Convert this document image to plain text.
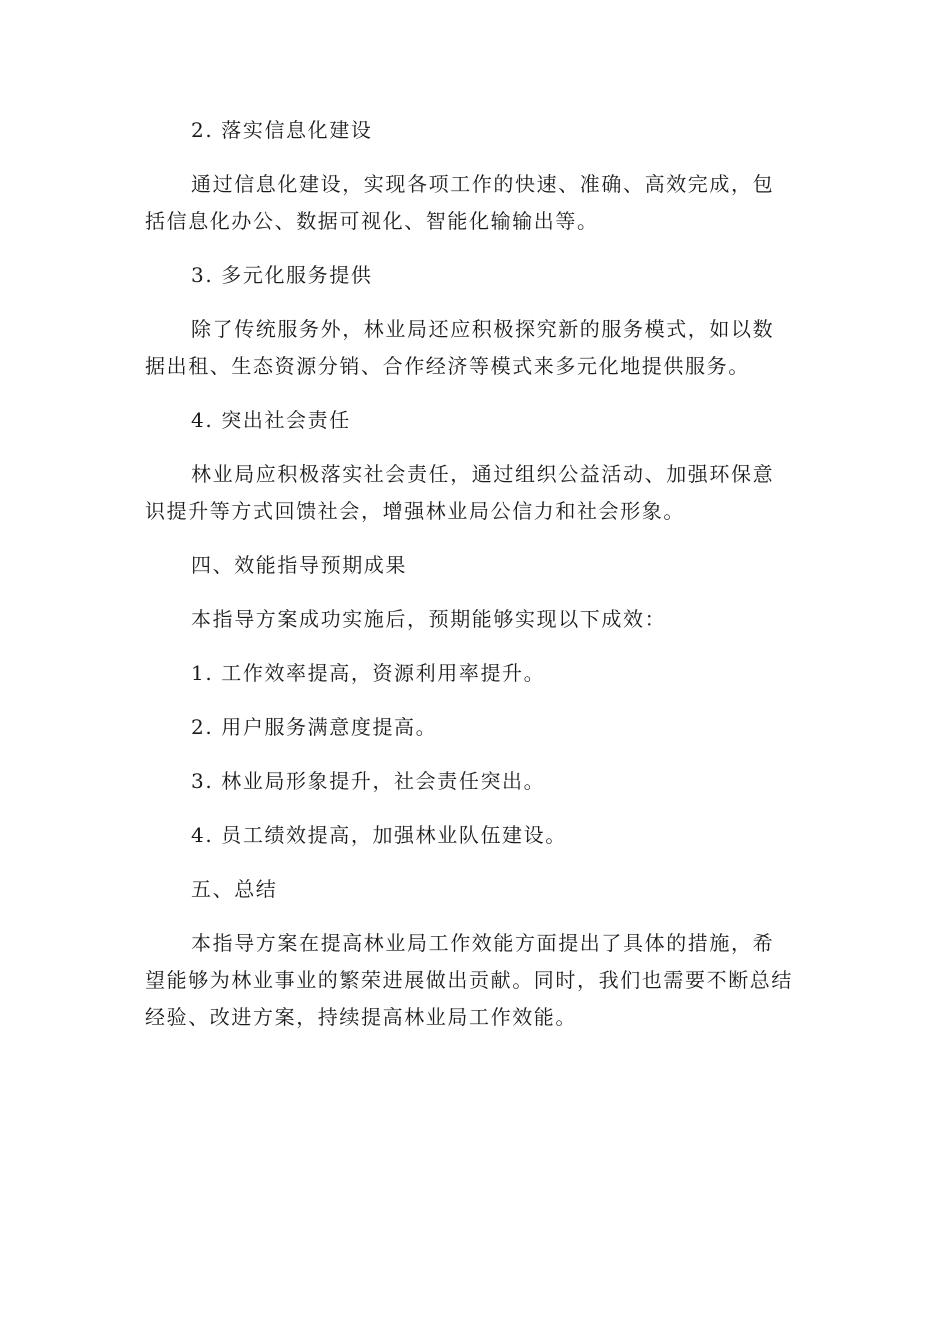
2. 落实信息化建设

通过信息化建设，实现各项工作的快速、准确、高效完成，包括信息化办公、数据可视化、智能化输输出等。

3. 多元化服务提供

除了传统服务外，林业局还应积极探究新的服务模式，如以数据出租、生态资源分销、合作经济等模式来多元化地提供服务。

4. 突出社会责任

林业局应积极落实社会责任，通过组织公益活动、加强环保意识提升等方式回馈社会，增强林业局公信力和社会形象。

四、效能指导预期成果

本指导方案成功实施后，预期能够实现以下成效：

1. 工作效率提高，资源利用率提升。

2. 用户服务满意度提高。

3. 林业局形象提升，社会责任突出。

4. 员工绩效提高，加强林业队伍建设。

五、总结

本指导方案在提高林业局工作效能方面提出了具体的措施，希望能够为林业事业的繁荣进展做出贡献。同时，我们也需要不断总结经验、改进方案，持续提高林业局工作效能。
